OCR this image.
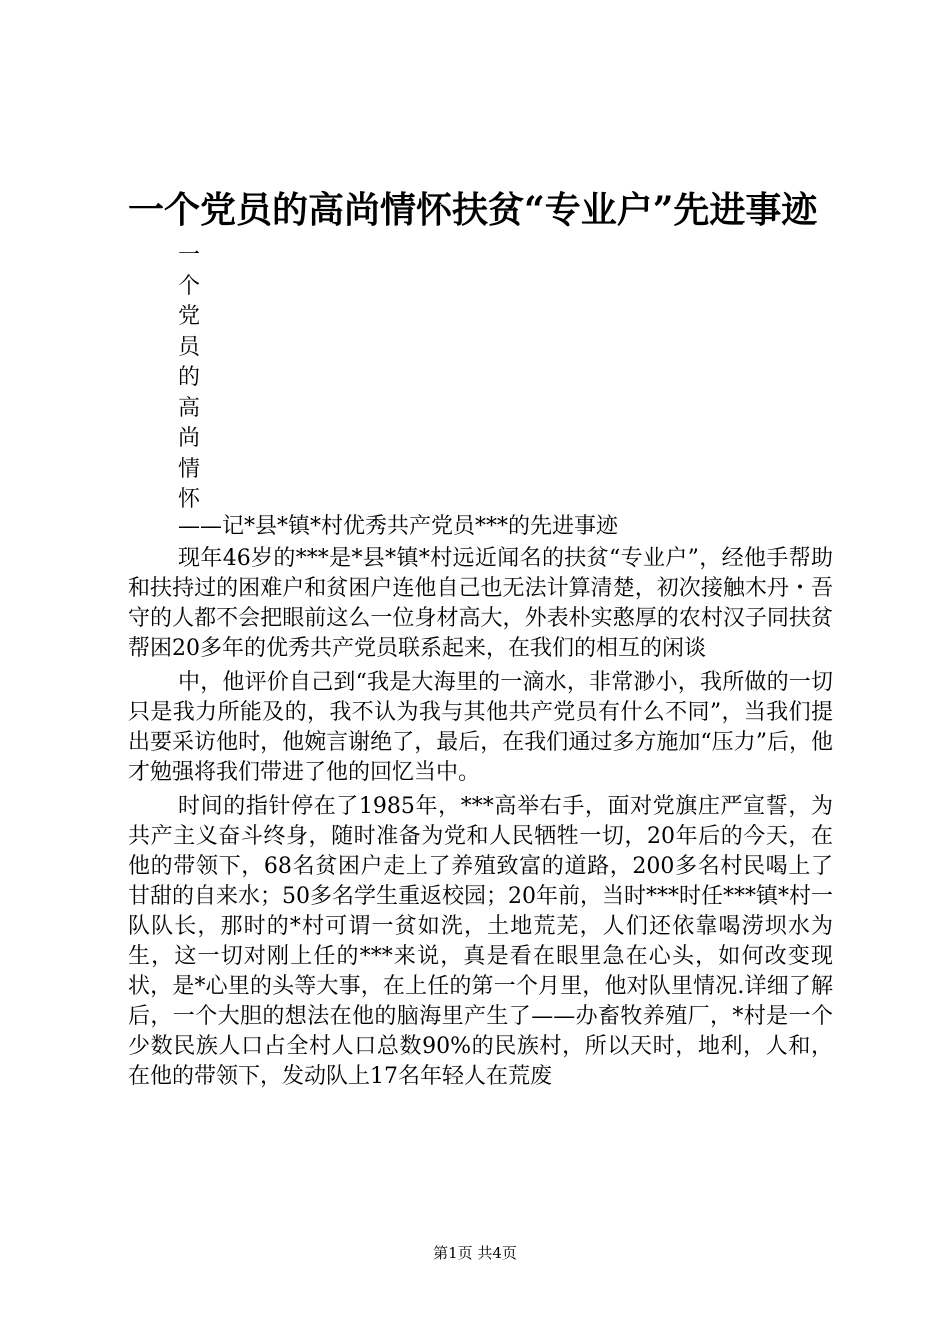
一个党员的高尚情怀扶贫“专业户”先进事迹
一
个
党
员
的
高
尚
情
怀
——记*县*镇*村优秀共产党员***的先进事迹

现年46岁的***是*县*镇*村远近闻名的扶贫“专业户”，经他手帮助和扶持过的困难户和贫困户连他自己也无法计算清楚，初次接触木丹・吾守的人都不会把眼前这么一位身材高大，外表朴实憨厚的农村汉子同扶贫帮困20多年的优秀共产党员联系起来，在我们的相互的闲谈

中，他评价自己到“我是大海里的一滴水，非常渺小，我所做的一切只是我力所能及的，我不认为我与其他共产党员有什么不同”，当我们提出要采访他时，他婉言谢绝了，最后，在我们通过多方施加“压力”后，他才勉强将我们带进了他的回忆当中。

时间的指针停在了1985年，***高举右手，面对党旗庄严宣誓，为共产主义奋斗终身，随时准备为党和人民牺牲一切，20年后的今天，在他的带领下，68名贫困户走上了养殖致富的道路，200多名村民喝上了甘甜的自来水；50多名学生重返校园；20年前，当时***时任***镇*村一队队长，那时的*村可谓一贫如洗，土地荒芜，人们还依靠喝涝坝水为生，这一切对刚上任的***来说，真是看在眼里急在心头，如何改变现状，是*心里的头等大事，在上任的第一个月里，他对队里情况.详细了解后，一个大胆的想法在他的脑海里产生了——办畜牧养殖厂，*村是一个少数民族人口占全村人口总数90%的民族村，所以天时，地利，人和，在他的带领下，发动队上17名年轻人在荒废

第1页 共4页
